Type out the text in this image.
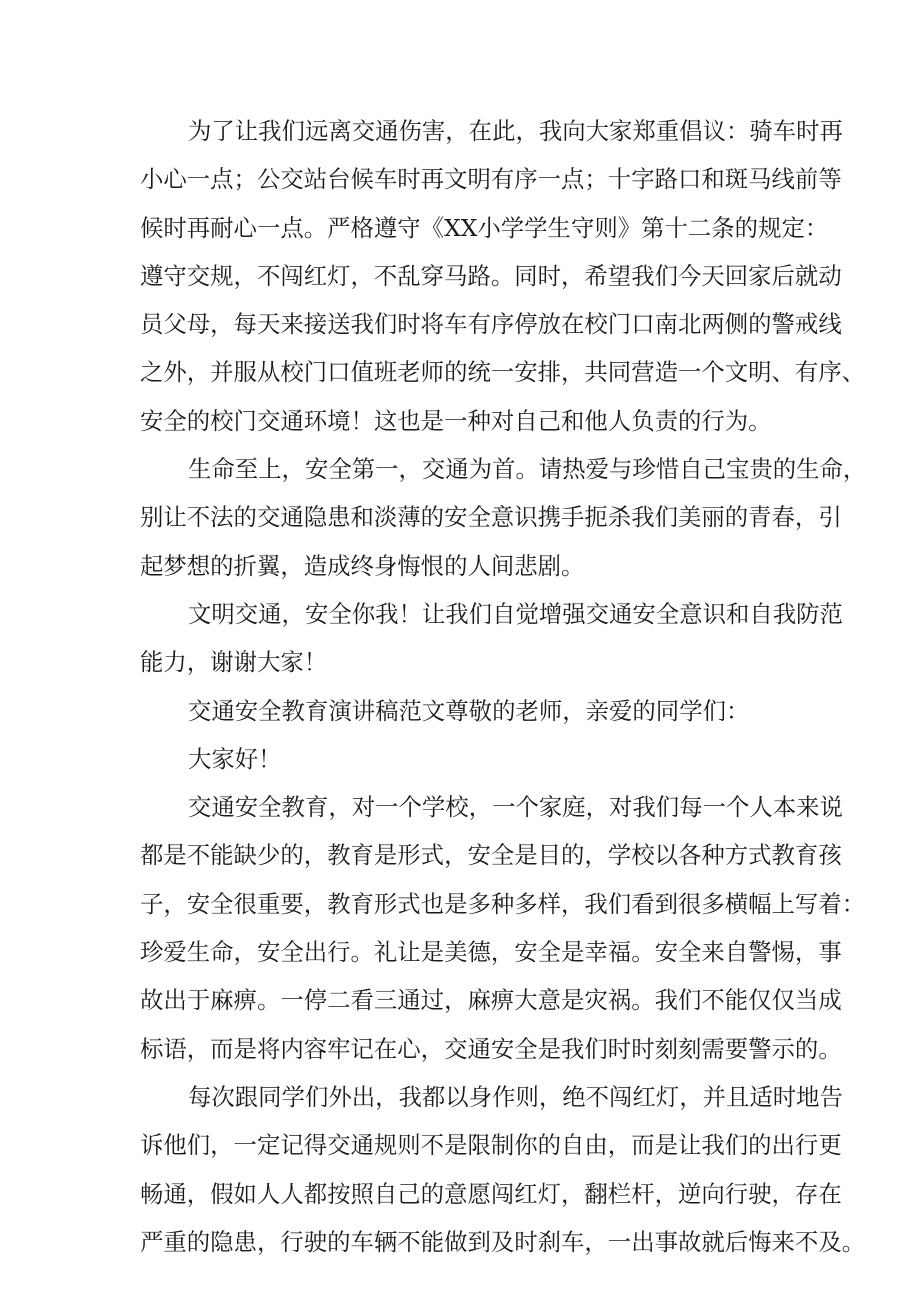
为了让我们远离交通伤害，在此，我向大家郑重倡议：骑车时再
小心一点；公交站台候车时再文明有序一点；十字路口和斑马线前等
候时再耐心一点。严格遵守《XX小学学生守则》第十二条的规定：
遵守交规，不闯红灯，不乱穿马路。同时，希望我们今天回家后就动
员父母，每天来接送我们时将车有序停放在校门口南北两侧的警戒线
之外，并服从校门口值班老师的统一安排，共同营造一个文明、有序、
安全的校门交通环境！这也是一种对自己和他人负责的行为。
生命至上，安全第一，交通为首。请热爱与珍惜自己宝贵的生命，
别让不法的交通隐患和淡薄的安全意识携手扼杀我们美丽的青春，引
起梦想的折翼，造成终身悔恨的人间悲剧。
文明交通，安全你我！让我们自觉增强交通安全意识和自我防范
能力，谢谢大家！
交通安全教育演讲稿范文尊敬的老师，亲爱的同学们：
大家好！
交通安全教育，对一个学校，一个家庭，对我们每一个人本来说
都是不能缺少的，教育是形式，安全是目的，学校以各种方式教育孩
子，安全很重要，教育形式也是多种多样，我们看到很多横幅上写着：
珍爱生命，安全出行。礼让是美德，安全是幸福。安全来自警惕，事
故出于麻痹。一停二看三通过，麻痹大意是灾祸。我们不能仅仅当成
标语，而是将内容牢记在心，交通安全是我们时时刻刻需要警示的。
每次跟同学们外出，我都以身作则，绝不闯红灯，并且适时地告
诉他们，一定记得交通规则不是限制你的自由，而是让我们的出行更
畅通，假如人人都按照自己的意愿闯红灯，翻栏杆，逆向行驶，存在
严重的隐患，行驶的车辆不能做到及时刹车，一出事故就后悔来不及。
